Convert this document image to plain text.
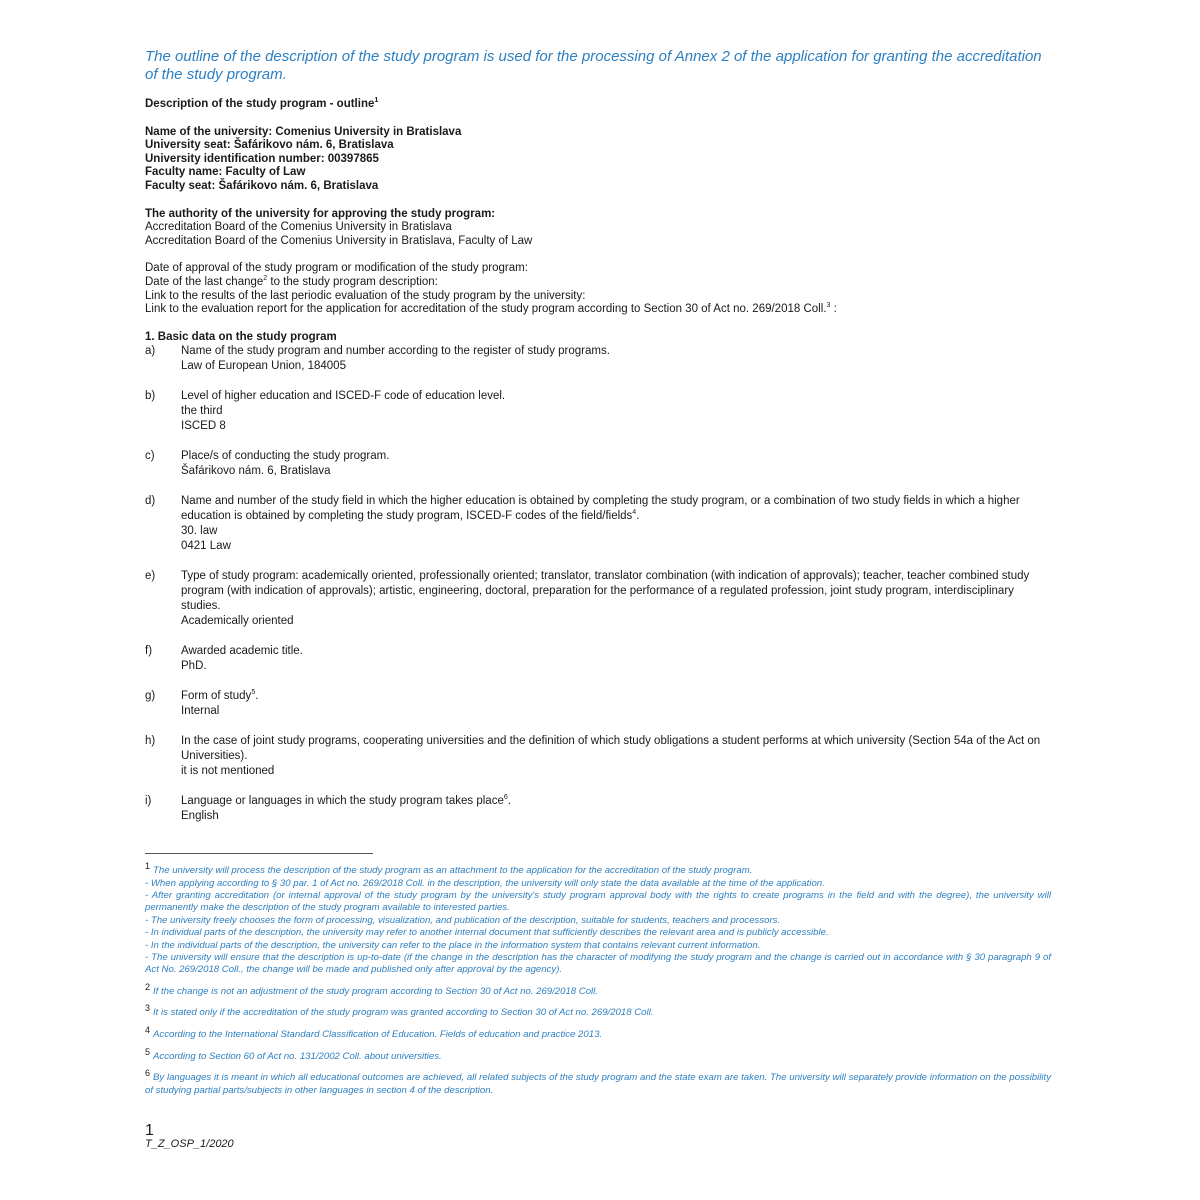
The outline of the description of the study program is used for the processing of Annex 2 of the application for granting the accreditation of the study program.

Description of the study program - outline$^1$
Name of the university: Comenius University in Bratislava
University seat: Šafárikovo nám. 6, Bratislava
University identification number: 00397865
Faculty name: Faculty of Law
Faculty seat: Šafárikovo nám. 6, Bratislava
The authority of the university for approving the study program:
Accreditation Board of the Comenius University in Bratislava
Accreditation Board of the Comenius University in Bratislava, Faculty of Law
Date of approval of the study program or modification of the study program:
Date of the last change$^2$ to the study program description:
Link to the results of the last periodic evaluation of the study program by the university:
Link to the evaluation report for the application for accreditation of the study program according to Section 30 of Act no. 269/2018 Coll.$^3$ :
1. Basic data on the study program
a)	Name of the study program and number according to the register of study programs.
Law of European Union, 184005
b)	Level of higher education and ISCED-F code of education level.
the third
ISCED 8
c)	Place/s of conducting the study program.
Šafárikovo nám. 6, Bratislava
d)	Name and number of the study field in which the higher education is obtained by completing the study program, or a combination of two study fields in which a higher education is obtained by completing the study program, ISCED-F codes of the field/fields$^4$.
30. law
0421 Law
e)	Type of study program: academically oriented, professionally oriented; translator, translator combination (with indication of approvals); teacher, teacher combined study program (with indication of approvals); artistic, engineering, doctoral, preparation for the performance of a regulated profession, joint study program, interdisciplinary studies.
Academically oriented
f)	Awarded academic title.
PhD.
g)	Form of study$^5$.
Internal
h)	In the case of joint study programs, cooperating universities and the definition of which study obligations a student performs at which university (Section 54a of the Act on Universities).
it is not mentioned
i)	Language or languages in which the study program takes place$^6$.
English
1 The university will process the description of the study program as an attachment to the application for the accreditation of the study program.
- When applying according to § 30 par. 1 of Act no. 269/2018 Coll. in the description, the university will only state the data available at the time of the application.
- After granting accreditation (or internal approval of the study program by the university's study program approval body with the rights to create programs in the field and with the degree), the university will permanently make the description of the study program available to interested parties.
- The university freely chooses the form of processing, visualization, and publication of the description, suitable for students, teachers and processors.
- In individual parts of the description, the university may refer to another internal document that sufficiently describes the relevant area and is publicly accessible.
- In the individual parts of the description, the university can refer to the place in the information system that contains relevant current information.
- The university will ensure that the description is up-to-date (if the change in the description has the character of modifying the study program and the change is carried out in accordance with § 30 paragraph 9 of Act No. 269/2018 Coll., the change will be made and published only after approval by the agency).
2 If the change is not an adjustment of the study program according to Section 30 of Act no. 269/2018 Coll.
3 It is stated only if the accreditation of the study program was granted according to Section 30 of Act no. 269/2018 Coll.
4 According to the International Standard Classification of Education. Fields of education and practice 2013.
5 According to Section 60 of Act no. 131/2002 Coll. about universities.
6 By languages it is meant in which all educational outcomes are achieved, all related subjects of the study program and the state exam are taken. The university will separately provide information on the possibility of studying partial parts/subjects in other languages in section 4 of the description.
1
T_Z_OSP_1/2020
